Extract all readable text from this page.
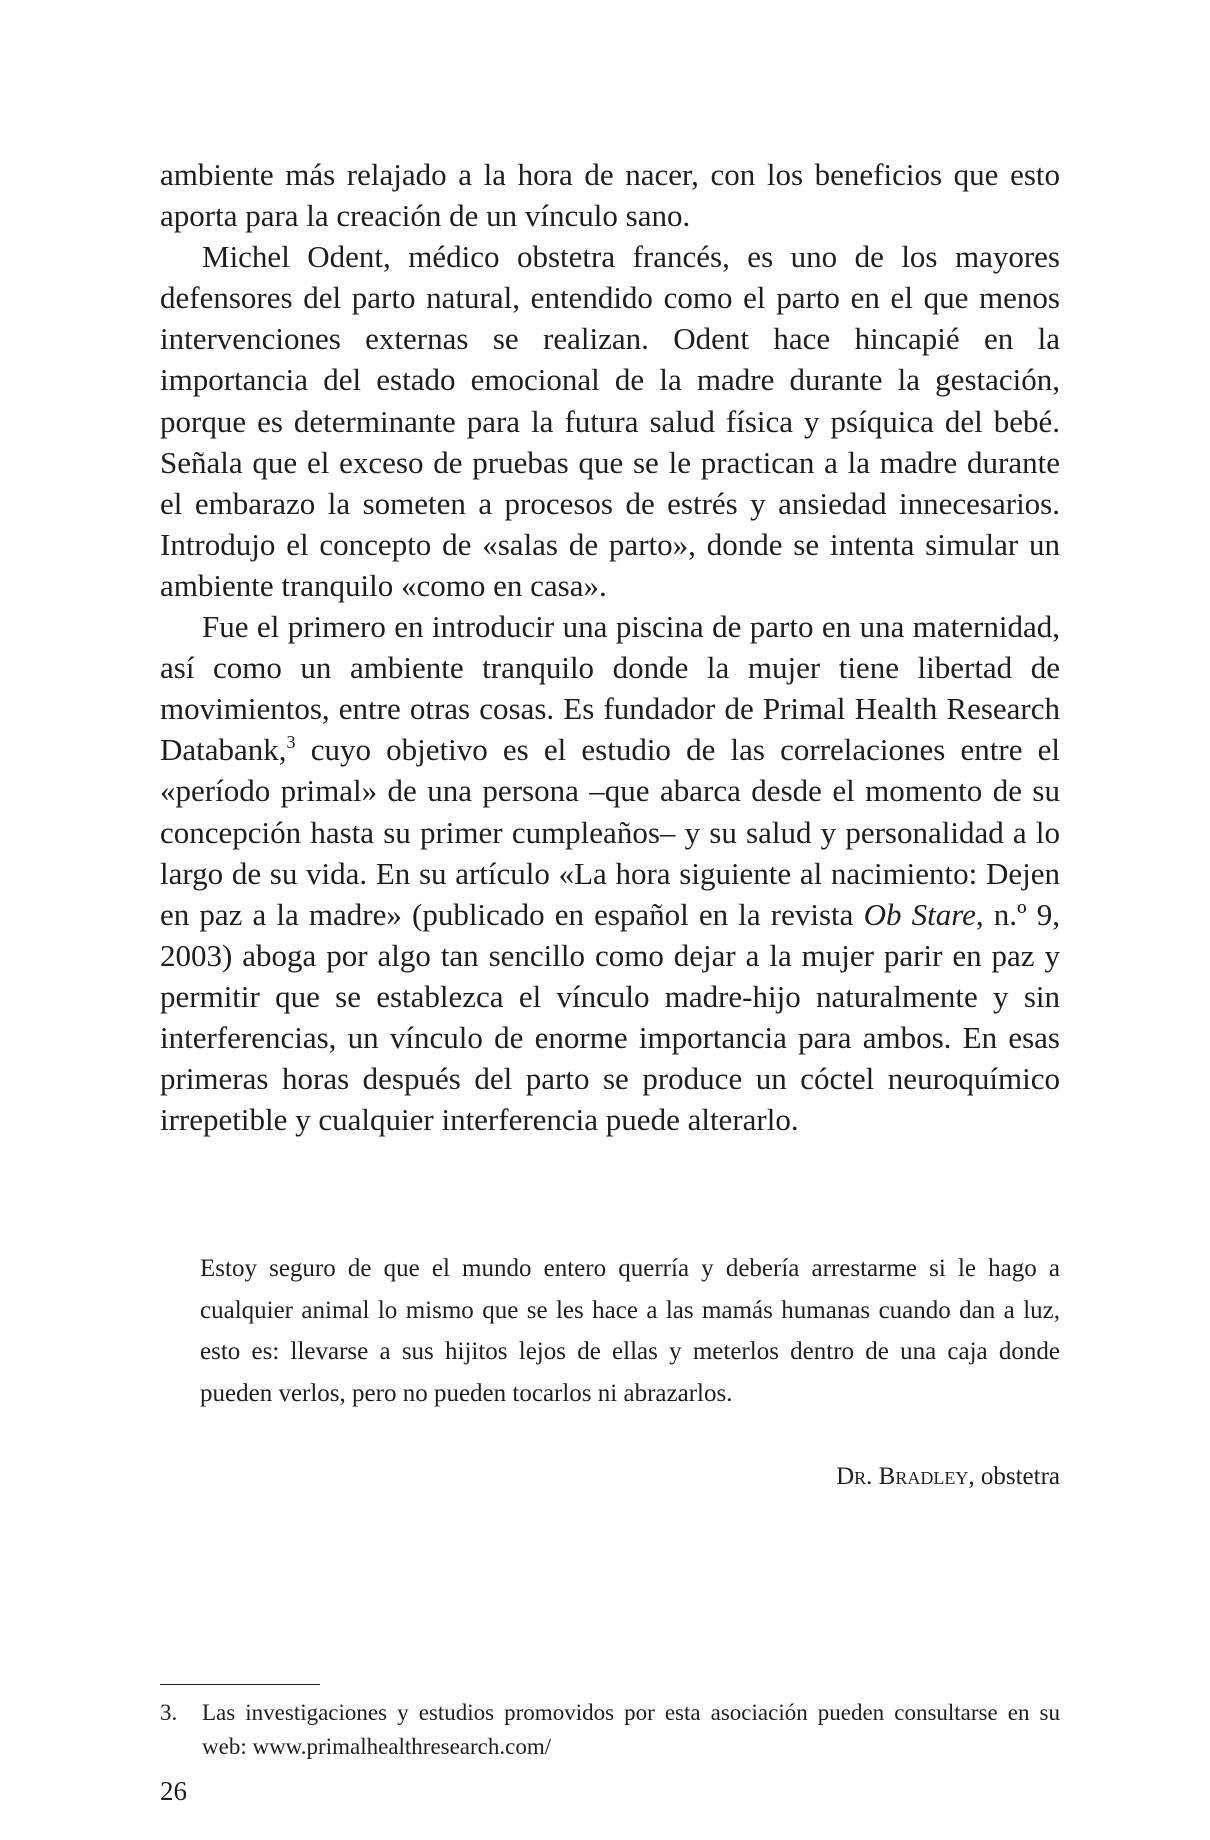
ambiente más relajado a la hora de nacer, con los beneficios que esto aporta para la creación de un vínculo sano.

Michel Odent, médico obstetra francés, es uno de los mayores defensores del parto natural, entendido como el parto en el que menos intervenciones externas se realizan. Odent hace hincapié en la importancia del estado emocional de la madre durante la gestación, porque es determinante para la futura salud física y psíquica del bebé. Señala que el exceso de pruebas que se le practican a la madre durante el embarazo la someten a procesos de estrés y ansiedad innecesarios. Introdujo el concepto de «salas de parto», donde se intenta simular un ambiente tranquilo «como en casa».

Fue el primero en introducir una piscina de parto en una maternidad, así como un ambiente tranquilo donde la mujer tiene libertad de movimientos, entre otras cosas. Es fundador de Primal Health Research Databank,$^3$ cuyo objetivo es el estudio de las correlaciones entre el «período primal» de una persona –que abarca desde el momento de su concepción hasta su primer cumpleaños– y su salud y personalidad a lo largo de su vida. En su artículo «La hora siguiente al nacimiento: Dejen en paz a la madre» (publicado en español en la revista Ob Stare, n.º 9, 2003) aboga por algo tan sencillo como dejar a la mujer parir en paz y permitir que se establezca el vínculo madre-hijo naturalmente y sin interferencias, un vínculo de enorme importancia para ambos. En esas primeras horas después del parto se produce un cóctel neuroquímico irrepetible y cualquier interferencia puede alterarlo.

Estoy seguro de que el mundo entero querría y debería arrestarme si le hago a cualquier animal lo mismo que se les hace a las mamás humanas cuando dan a luz, esto es: llevarse a sus hijitos lejos de ellas y meterlos dentro de una caja donde pueden verlos, pero no pueden tocarlos ni abrazarlos.

Dr. Bradley, obstetra
3. Las investigaciones y estudios promovidos por esta asociación pueden consultarse en su web: www.primalhealthresearch.com/
26
